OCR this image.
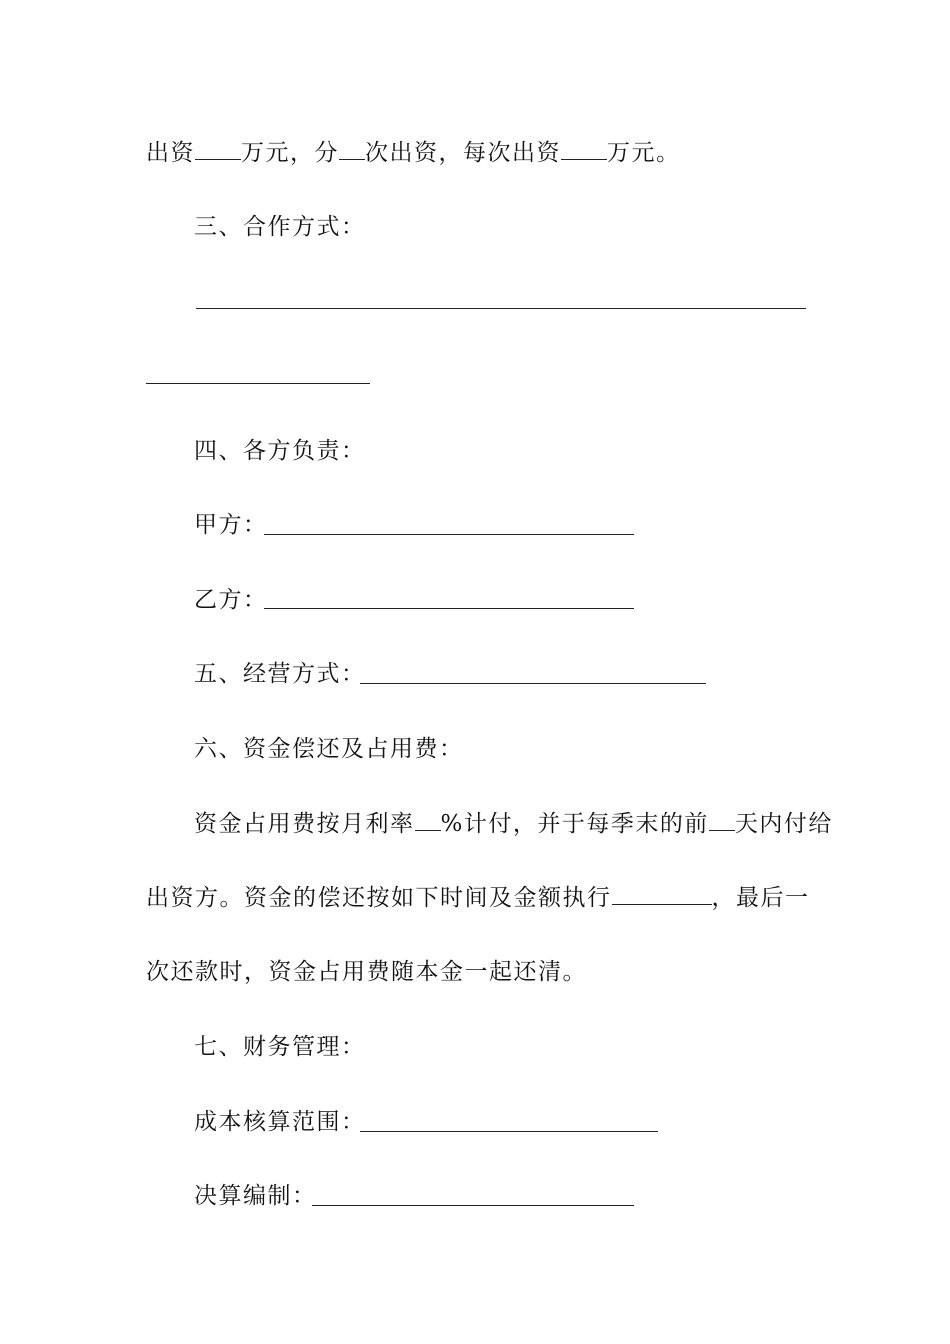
出资 万元，分 次出资，每次出资 万元。
三、合作方式：
四、各方负责：
甲方：
乙方：
五、经营方式：
六、资金偿还及占用费：
资金占用费按月利率 %计付，并于每季末的前 天内付给
出资方。资金的偿还按如下时间及金额执行	，最后一
次还款时，资金占用费随本金一起还清。
七、财务管理：
成本核算范围：
决算编制：
